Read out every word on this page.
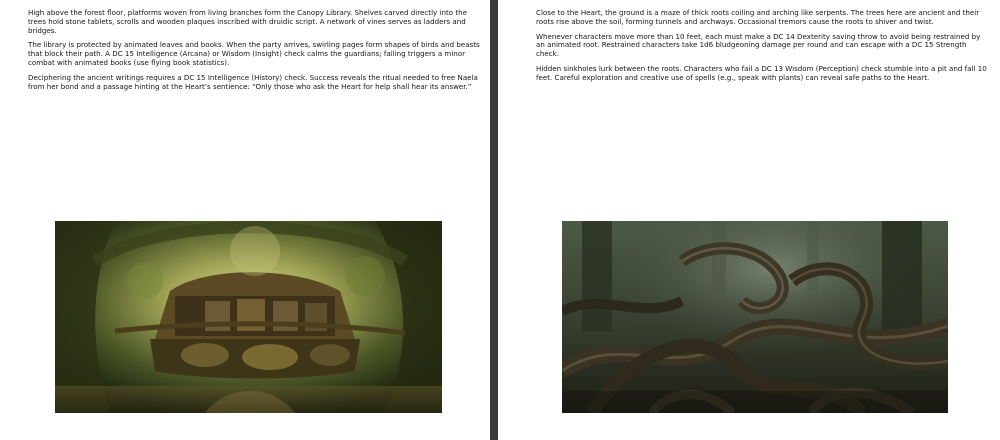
High above the forest floor, platforms woven from living branches form the Canopy Library. Shelves carved directly into the trees hold stone tablets, scrolls and wooden plaques inscribed with druidic script. A network of vines serves as ladders and bridges.

The library is protected by animated leaves and books. When the party arrives, swirling pages form shapes of birds and beasts that block their path. A DC 15 Intelligence (Arcana) or Wisdom (Insight) check calms the guardians; failing triggers a minor combat with animated books (use flying book statistics).

Deciphering the ancient writings requires a DC 15 Intelligence (History) check. Success reveals the ritual needed to free Naela from her bond and a passage hinting at the Heart’s sentience: “Only those who ask the Heart for help shall hear its answer.”

Close to the Heart, the ground is a maze of thick roots coiling and arching like serpents. The trees here are ancient and their roots rise above the soil, forming tunnels and archways. Occasional tremors cause the roots to shiver and twist.

Whenever characters move more than 10 feet, each must make a DC 14 Dexterity saving throw to avoid being restrained by an animated root. Restrained characters take 1d6 bludgeoning damage per round and can escape with a DC 15 Strength check.

Hidden sinkholes lurk between the roots. Characters who fail a DC 13 Wisdom (Perception) check stumble into a pit and fall 10 feet. Careful exploration and creative use of spells (e.g., speak with plants) can reveal safe paths to the Heart.
